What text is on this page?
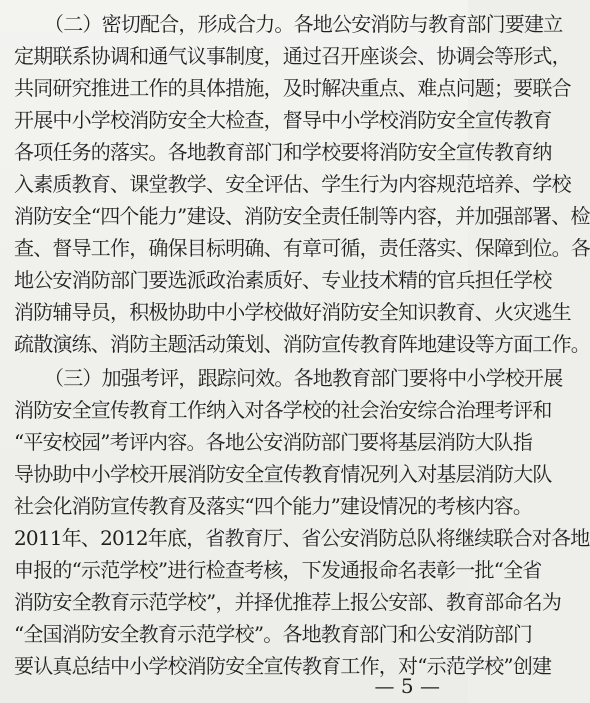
（二）密切配合，形成合力。各地公安消防与教育部门要建立
定期联系协调和通气议事制度，通过召开座谈会、协调会等形式，
共同研究推进工作的具体措施，及时解决重点、难点问题；要联合
开展中小学校消防安全大检查，督导中小学校消防安全宣传教育
各项任务的落实。各地教育部门和学校要将消防安全宣传教育纳
入素质教育、课堂教学、安全评估、学生行为内容规范培养、学校
消防安全“四个能力”建设、消防安全责任制等内容，并加强部署、检
查、督导工作，确保目标明确、有章可循，责任落实、保障到位。各
地公安消防部门要选派政治素质好、专业技术精的官兵担任学校
消防辅导员，积极协助中小学校做好消防安全知识教育、火灾逃生
疏散演练、消防主题活动策划、消防宣传教育阵地建设等方面工作。
（三）加强考评，跟踪问效。各地教育部门要将中小学校开展
消防安全宣传教育工作纳入对各学校的社会治安综合治理考评和
“平安校园”考评内容。各地公安消防部门要将基层消防大队指
导协助中小学校开展消防安全宣传教育情况列入对基层消防大队
社会化消防宣传教育及落实“四个能力”建设情况的考核内容。
2011年、2012年底，省教育厅、省公安消防总队将继续联合对各地
申报的“示范学校”进行检查考核，下发通报命名表彰一批“全省
消防安全教育示范学校”，并择优推荐上报公安部、教育部命名为
“全国消防安全教育示范学校”。各地教育部门和公安消防部门
要认真总结中小学校消防安全宣传教育工作，对“示范学校”创建
— 5 —
